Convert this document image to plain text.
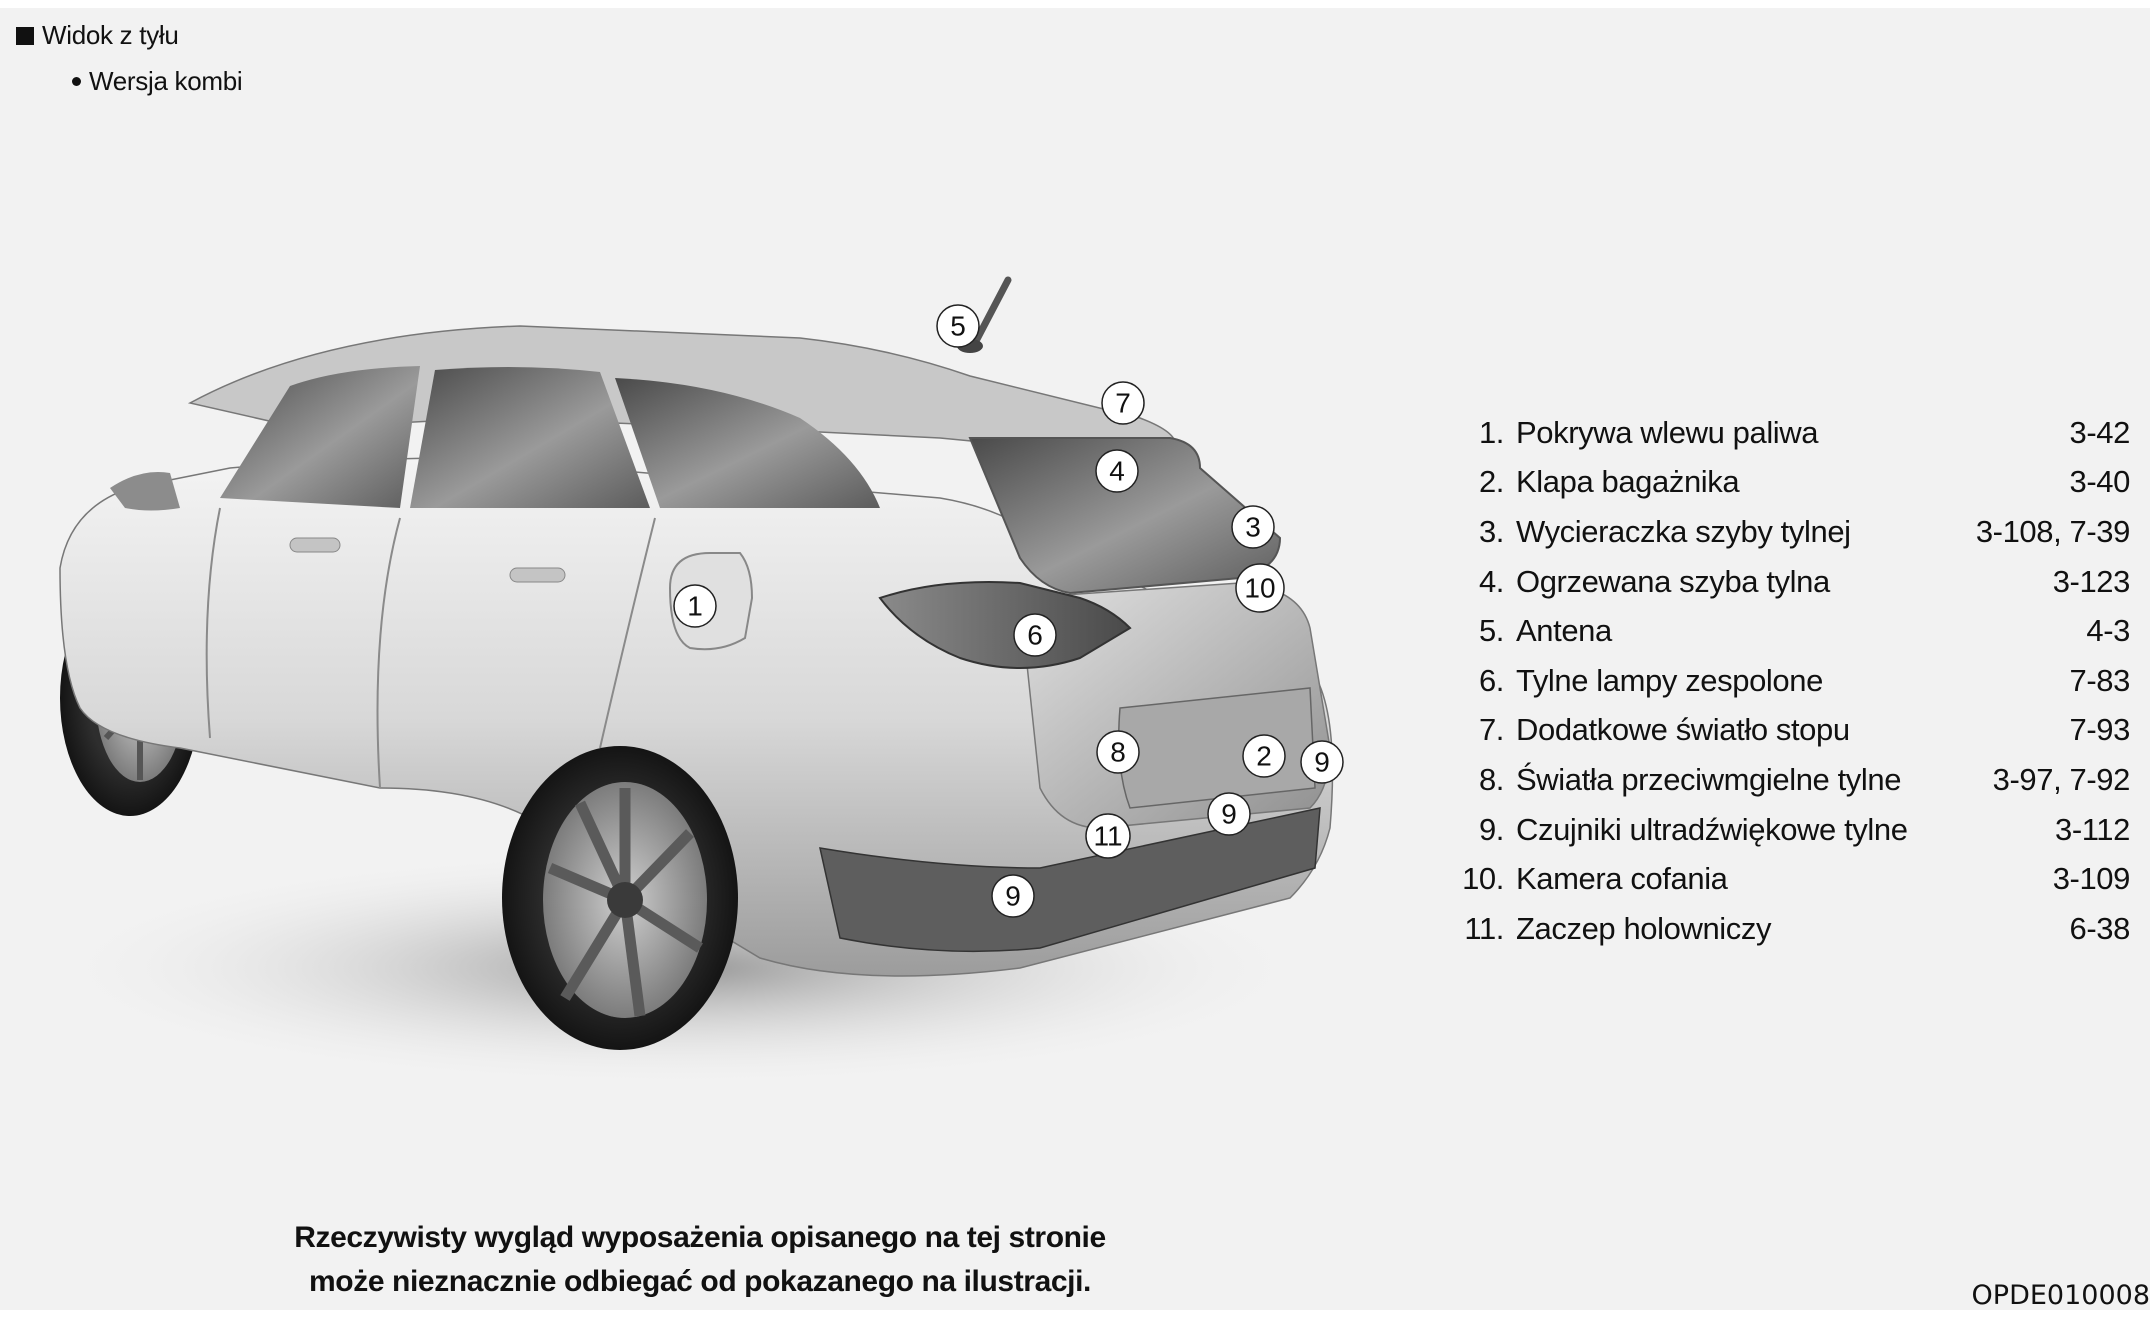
Widok z tyłu
Wersja kombi
1
2
3
4
5
6
7
8
9
9
9
10
11
1. Pokrywa wlewu paliwa	3-42
2. Klapa bagażnika	3-40
3. Wycieraczka szyby tylnej	3-108, 7-39
4. Ogrzewana szyba tylna	3-123
5. Antena	4-3
6. Tylne lampy zespolone	7-83
7. Dodatkowe światło stopu	7-93
8. Światła przeciwmgielne tylne	3-97, 7-92
9. Czujniki ultradźwiękowe tylne	3-112
10. Kamera cofania	3-109
11. Zaczep holowniczy	6-38
Rzeczywisty wygląd wyposażenia opisanego na tej stronie
może nieznacznie odbiegać od pokazanego na ilustracji.	OPDE010008
